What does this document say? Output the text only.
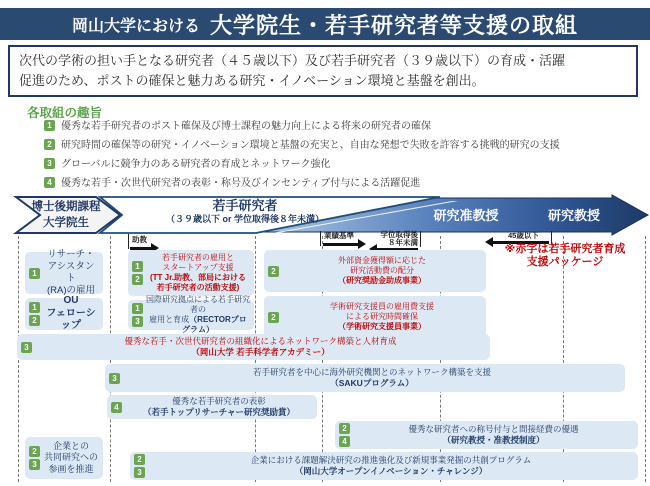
岡山大学における 大学院生・若手研究者等支援の取組
次代の学術の担い手となる研究者（４５歳以下）及び若手研究者（３９歳以下）の育成・活躍
促進のため、ポストの確保と魅力ある研究・イノベーション環境と基盤を創出。
各取組の趣旨
1 優秀な若手研究者のポスト確保及び博士課程の魅力向上による将来の研究者の確保
2 研究時間の確保等の研究・イノベーション環境と基盤の充実と、自由な発想で失敗を許容する挑戦的研究の支援
3 グローバルに競争力のある研究者の育成とネットワーク強化
4 優秀な若手・次世代研究者の表彰・称号及びインセンティブ付与による活躍促進
博士後期課程
大学院生
若手研究者
（３９歳以下 or 学位取得後８年未満）	研究准教授	研究教授
助教	業績基準	学位取得後
８年未満
45歳以下
※赤字は若手研究者育成
支援パッケージ
1
リサーチ・
アシスタント
(RA)の雇用
1
2
OU
フェローシップ
1
2
若手研究者の雇用と
スタートアップ支援
(TT Jr.助教、部局における
若手研究者の活動支援)
1
3
国際研究拠点による若手研究者の
雇用と育成（RECTORプログラム）
2
外部資金獲得額に応じた
研究活動費の配分
（研究奨励金助成事業）
2
学術研究支援員の雇用費支援
による研究時間確保
（学術研究支援員事業）
3
優秀な若手・次世代研究者の組織化によるネットワーク構築と人材育成
（岡山大学 若手科学者アカデミー）
3
若手研究者を中心に海外研究機関とのネットワーク構築を支援
（SAKUプログラム）
4
優秀な若手研究者の表彰
（若手トップリサーチャー研究奨励賞）
2
4
優秀な研究者への称号付与と間接経費の優遇
（研究教授・准教授制度）
2
3
企業との
共同研究への
参画を推進
2
3
企業における課題解決研究の推進強化及び新規事業発掘の共創プログラム
（岡山大学オープンイノベーション・チャレンジ）
